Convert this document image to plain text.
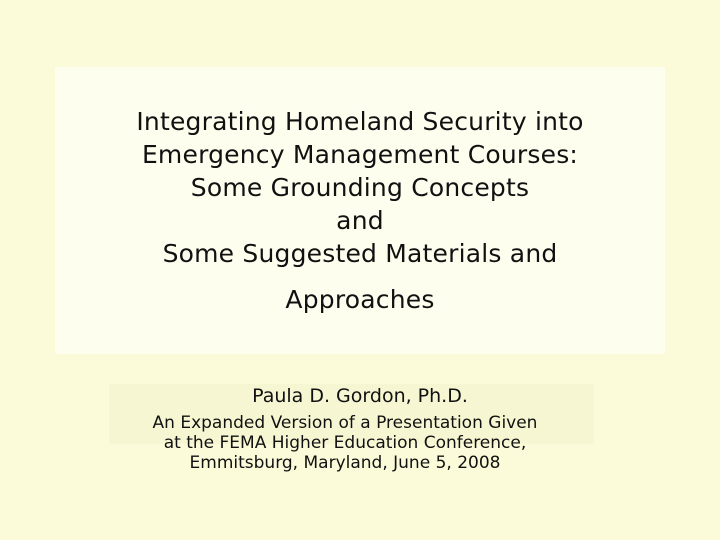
Integrating Homeland Security into
Emergency Management Courses:
Some Grounding Concepts
and
Some Suggested Materials and
Approaches
Paula D. Gordon, Ph.D.
An Expanded Version of a Presentation Given
at the FEMA Higher Education Conference,
Emmitsburg, Maryland, June 5, 2008
